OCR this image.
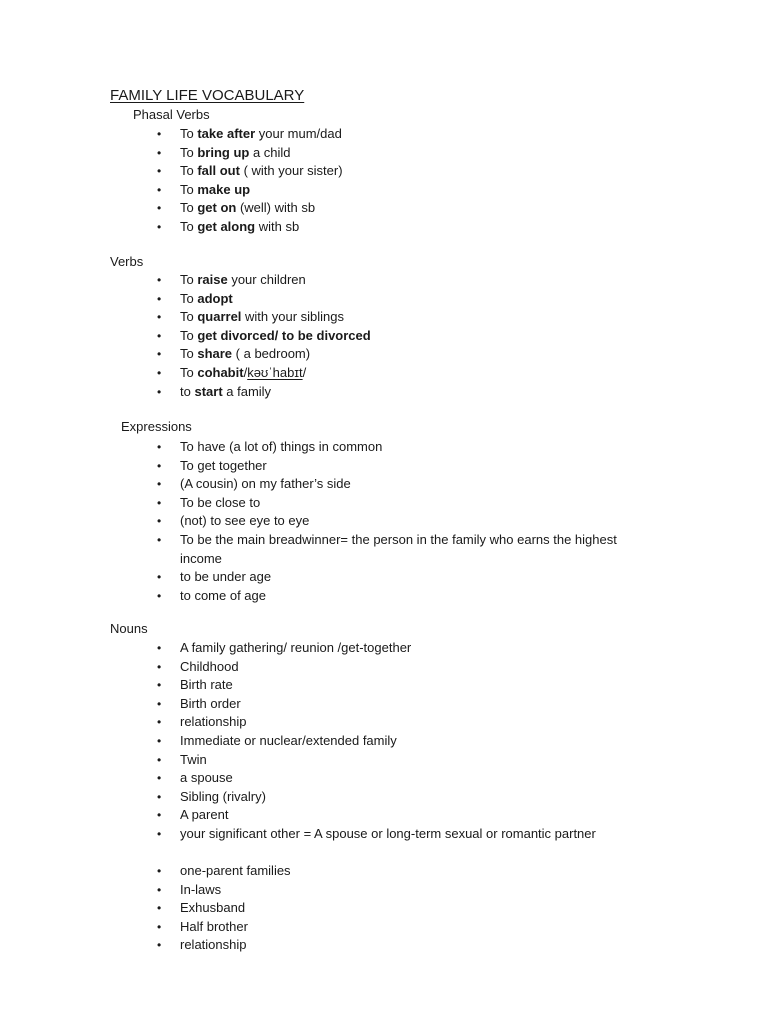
FAMILY LIFE VOCABULARY
Phasal Verbs
• To take after your mum/dad
• To bring up a child
• To fall out ( with your sister)
• To make up
• To get on (well) with sb
• To get along with sb
Verbs
• To raise your children
• To adopt
• To quarrel with your siblings
• To get divorced/ to be divorced
• To share ( a bedroom)
• To cohabit/kəʊˈhabɪt/
• to start a family
Expressions
• To have (a lot of) things in common
• To get together
• (A cousin) on my father’s side
• To be close to
• (not) to see eye to eye
• To be the main breadwinner= the person in the family who earns the highest income
• to be under age
• to come of age
Nouns
• A family gathering/ reunion /get-together
• Childhood
• Birth rate
• Birth order
• relationship
• Immediate or nuclear/extended family
• Twin
• a spouse
• Sibling (rivalry)
• A parent
• your significant other = A spouse or long-term sexual or romantic partner
• one-parent families
• In-laws
• Exhusband
• Half brother
• relationship
